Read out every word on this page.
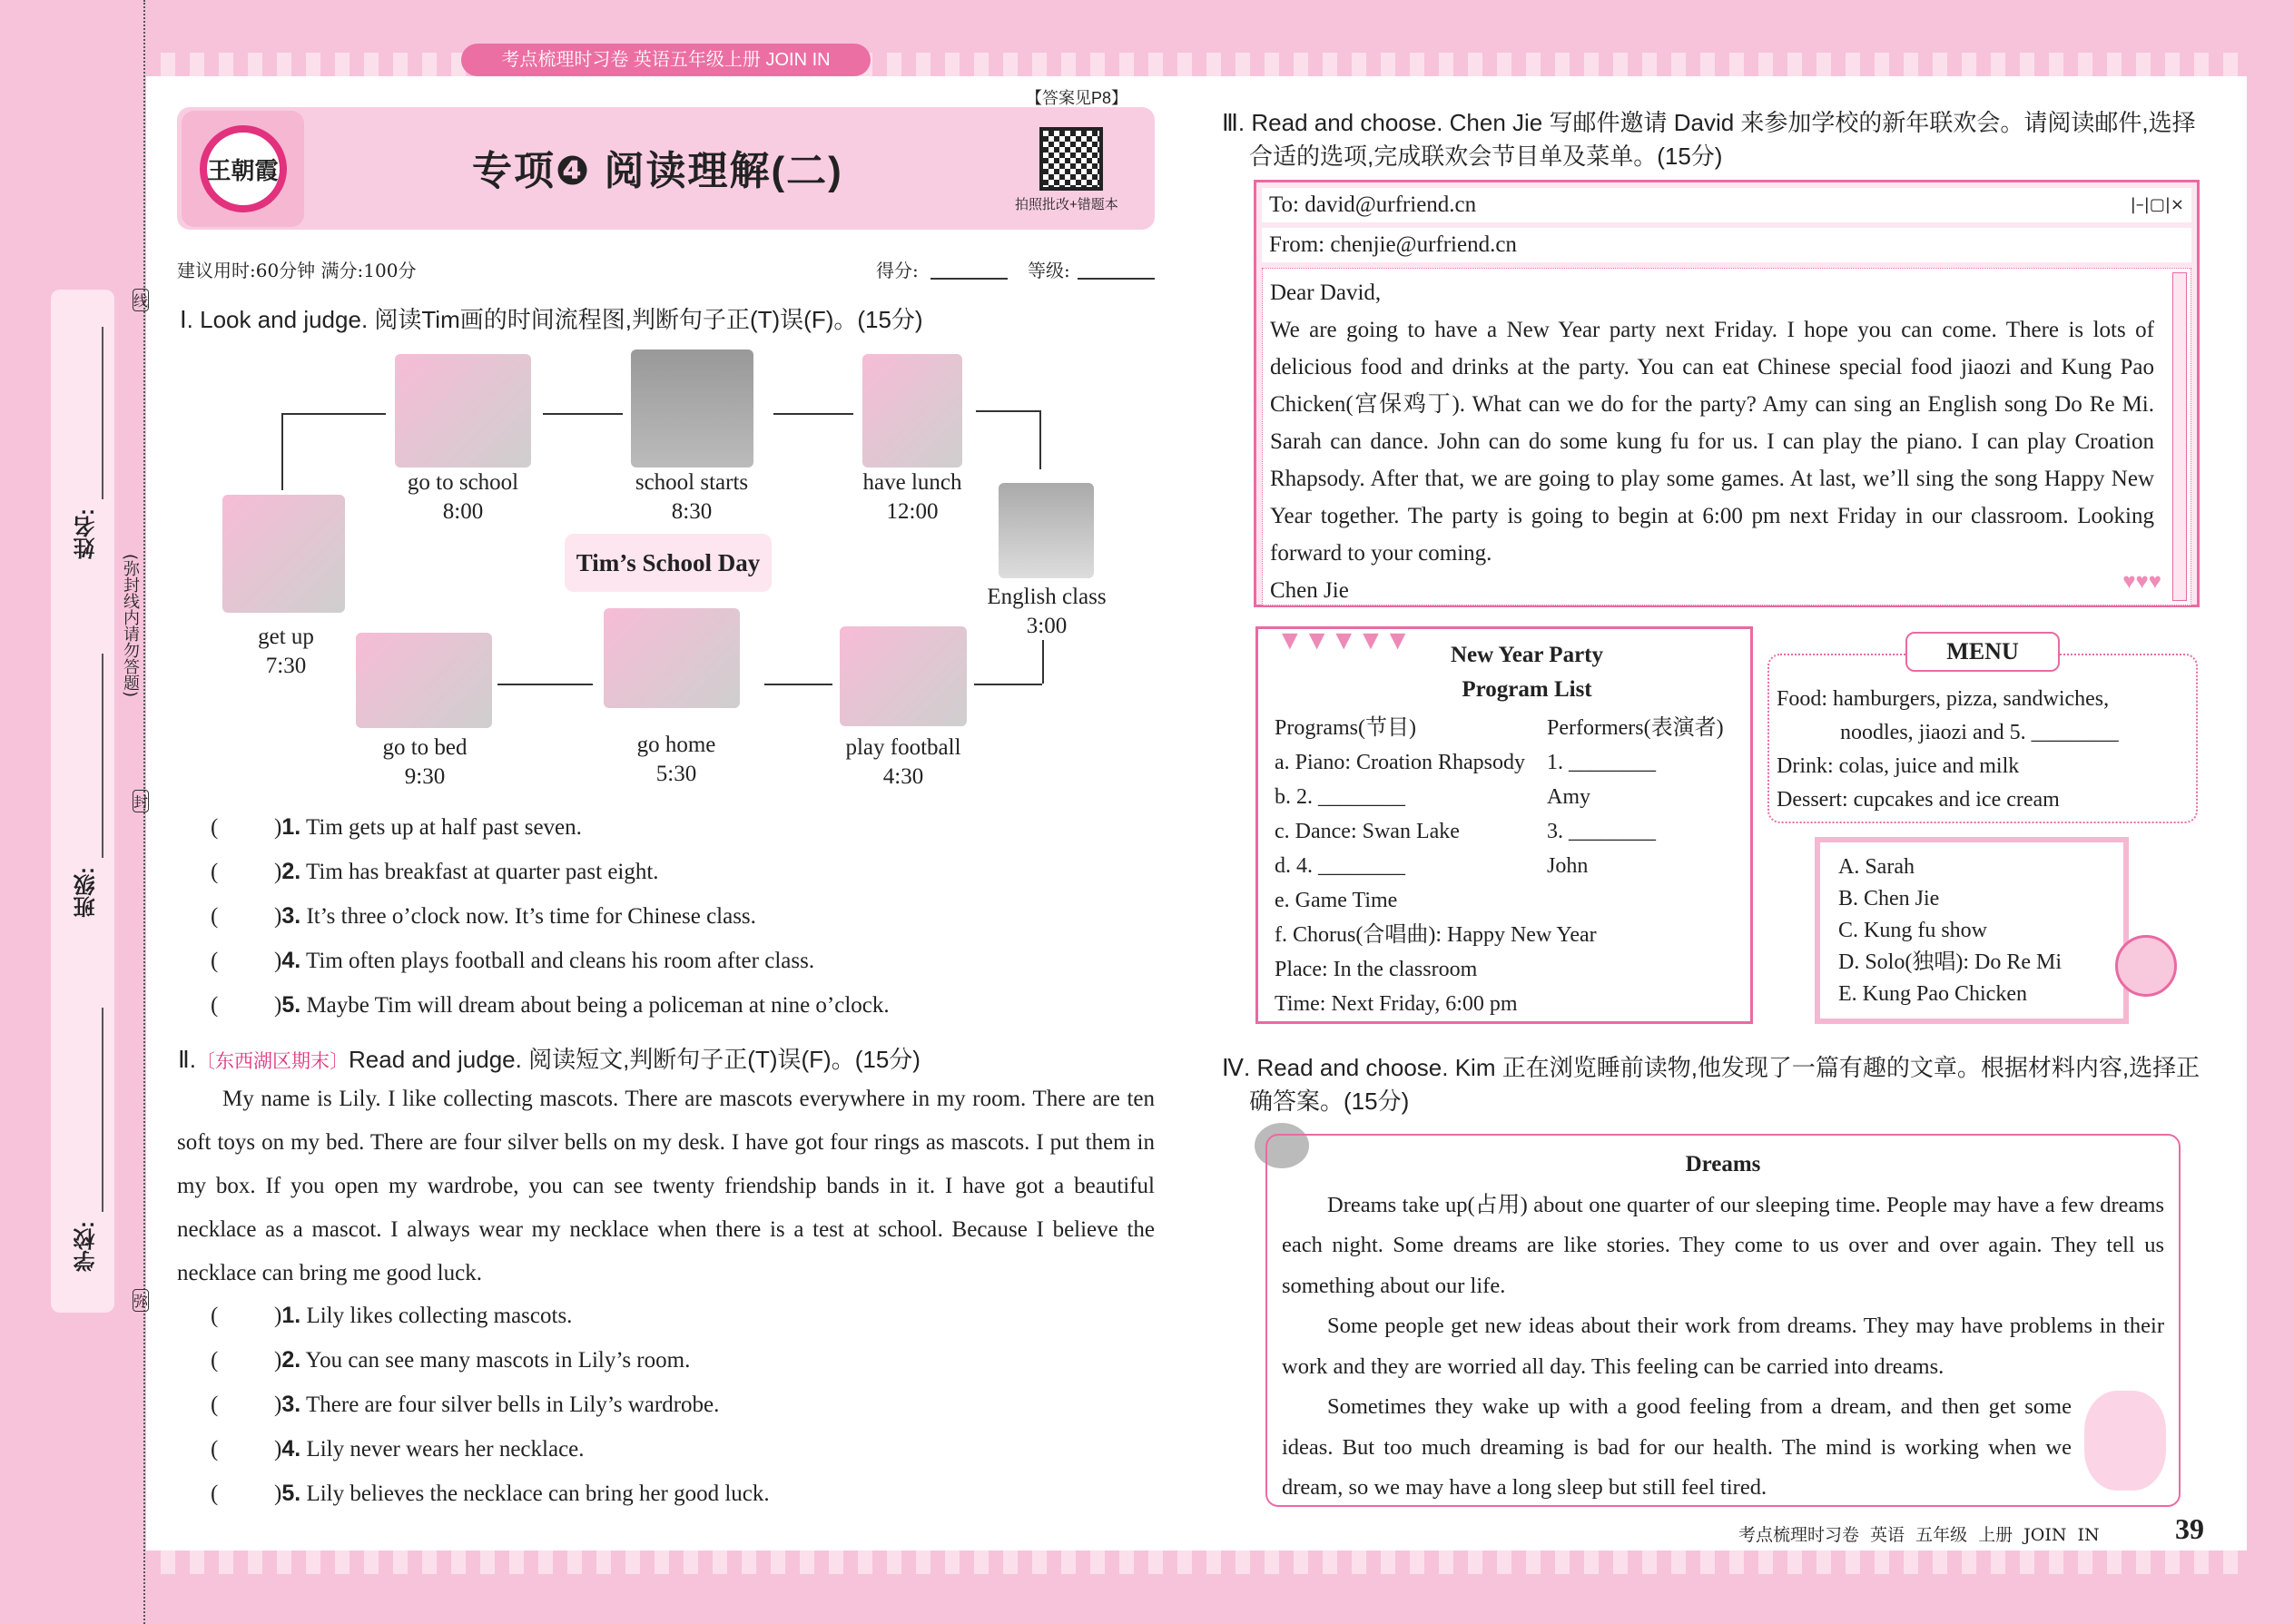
姓名:
班级:
学校:
(弥封线内请勿答题)
线
封
弥
考点梳理时习卷 英语五年级上册 JOIN IN
【答案见P8】
王朝霞	专项❹ 阅读理解(二)
拍照批改+错题本
建议用时:60分钟 满分:100分	得分:	等级:
Ⅰ. Look and judge. 阅读Tim画的时间流程图,判断句子正(T)误(F)。(15分)
Tim’s School Day
get up
7:30
go to school
8:00
school starts
8:30
have lunch
12:00
English class
3:00
play football
4:30
go home
5:30
go to bed
9:30
( )1. Tim gets up at half past seven.
( )2. Tim has breakfast at quarter past eight.
( )3. It’s three o’clock now. It’s time for Chinese class.
( )4. Tim often plays football and cleans his room after class.
( )5. Maybe Tim will dream about being a policeman at nine o’clock.
Ⅱ.〔东西湖区期末〕Read and judge. 阅读短文,判断句子正(T)误(F)。(15分)
My name is Lily. I like collecting mascots. There are mascots everywhere in my room. There are ten soft toys on my bed. There are four silver bells on my desk. I have got four rings as mascots. I put them in my box. If you open my wardrobe, you can see twenty friendship bands in it. I have got a beautiful necklace as a mascot. I always wear my necklace when there is a test at school. Because I believe the necklace can bring me good luck.
( )1. Lily likes collecting mascots.
( )2. You can see many mascots in Lily’s room.
( )3. There are four silver bells in Lily’s wardrobe.
( )4. Lily never wears her necklace.
( )5. Lily believes the necklace can bring her good luck.
Ⅲ. Read and choose. Chen Jie 写邮件邀请 David 来参加学校的新年联欢会。请阅读邮件,选择合适的选项,完成联欢会节目单及菜单。(15分)
To: david@urfriend.cn	|–|▢|×
From: chenjie@urfriend.cn
Dear David,
We are going to have a New Year party next Friday. I hope you can come. There is lots of delicious food and drinks at the party. You can eat Chinese special food jiaozi and Kung Pao Chicken(宫保鸡丁). What can we do for the party? Amy can sing an English song Do Re Mi. Sarah can dance. John can do some kung fu for us. I can play the piano. I can play Croation Rhapsody. After that, we are going to play some games. At last, we’ll sing the song Happy New Year together. The party is going to begin at 6:00 pm next Friday in our classroom. Looking forward to your coming.
Chen Jie	♥♥♥
▼▼▼▼▼	New Year Party
Program List
Programs(节目)	Performers(表演者)
a. Piano: Croation Rhapsody	1. ________
b. 2. ________	Amy
c. Dance: Swan Lake	3. ________
d. 4. ________	John
e. Game Time
f. Chorus(合唱曲): Happy New Year
Place: In the classroom
Time: Next Friday, 6:00 pm
MENU
Food: hamburgers, pizza, sandwiches,
noodles, jiaozi and 5. ________
Drink: colas, juice and milk
Dessert: cupcakes and ice cream
A. Sarah
B. Chen Jie
C. Kung fu show
D. Solo(独唱): Do Re Mi
E. Kung Pao Chicken
Ⅳ. Read and choose. Kim 正在浏览睡前读物,他发现了一篇有趣的文章。根据材料内容,选择正确答案。(15分)
Dreams
Dreams take up(占用) about one quarter of our sleeping time. People may have a few dreams each night. Some dreams are like stories. They come to us over and over again. They tell us something about our life.
Some people get new ideas about their work from dreams. They may have problems in their work and they are worried all day. This feeling can be carried into dreams.
Sometimes they wake up with a good feeling from a dream, and then get some ideas. But too much dreaming is bad for our health. The mind is working when we dream, so we may have a long sleep but still feel tired.
考点梳理时习卷 英语 五年级 上册 JOIN IN	39
